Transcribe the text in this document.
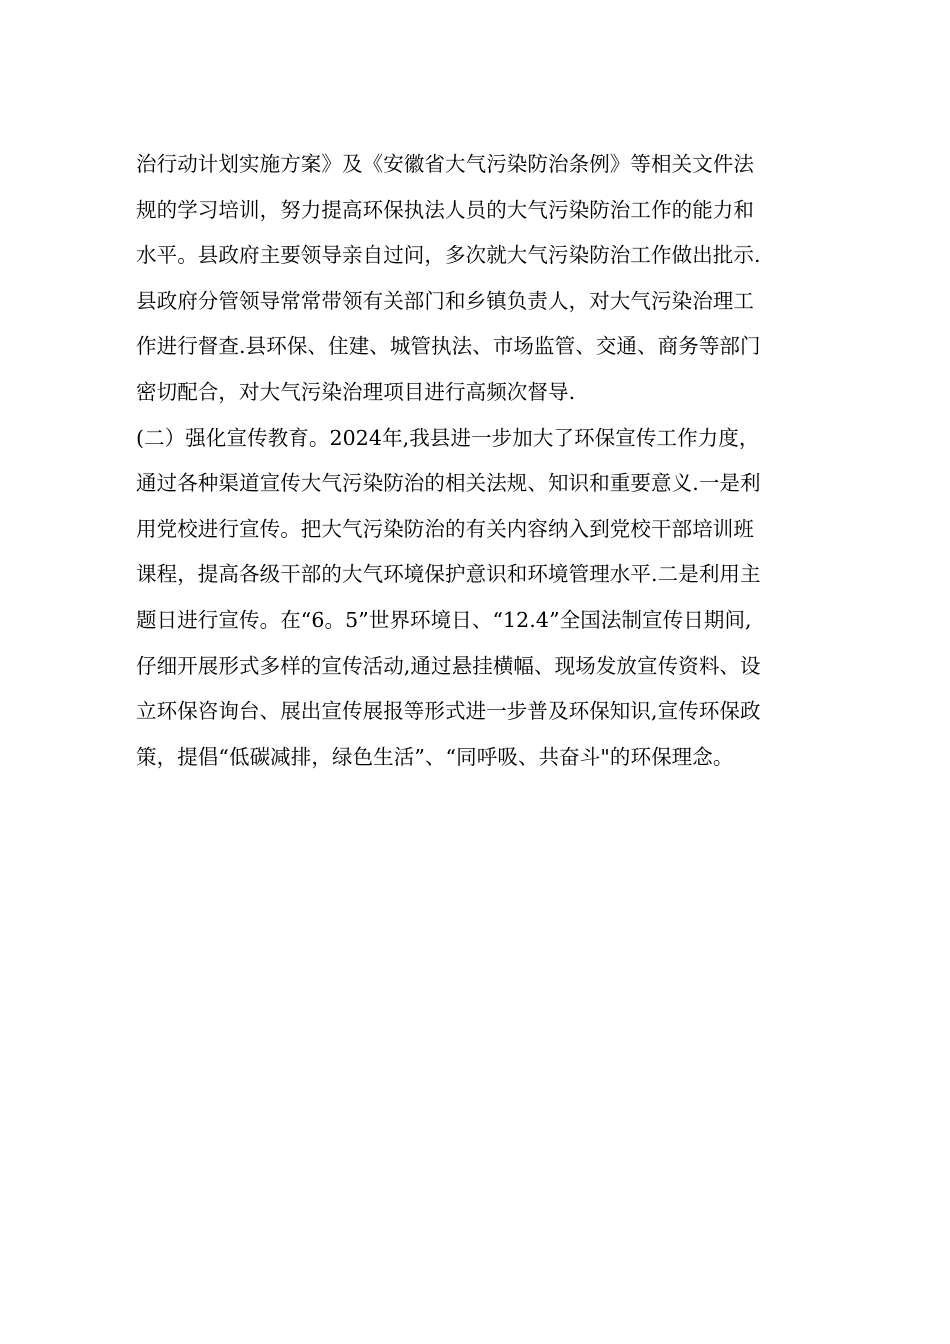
治行动计划实施方案》及《安徽省大气污染防治条例》等相关文件法
规的学习培训，努力提高环保执法人员的大气污染防治工作的能力和
水平。县政府主要领导亲自过问，多次就大气污染防治工作做出批示.
县政府分管领导常常带领有关部门和乡镇负责人，对大气污染治理工
作进行督查.县环保、住建、城管执法、市场监管、交通、商务等部门
密切配合，对大气污染治理项目进行高频次督导.
(二）强化宣传教育。2024年,我县进一步加大了环保宣传工作力度，
通过各种渠道宣传大气污染防治的相关法规、知识和重要意义.一是利
用党校进行宣传。把大气污染防治的有关内容纳入到党校干部培训班
课程，提高各级干部的大气环境保护意识和环境管理水平.二是利用主
题日进行宣传。在“6。5”世界环境日、“12.4”全国法制宣传日期间,
仔细开展形式多样的宣传活动,通过悬挂横幅、现场发放宣传资料、设
立环保咨询台、展出宣传展报等形式进一步普及环保知识,宣传环保政
策，提倡“低碳减排，绿色生活”、“同呼吸、共奋斗"的环保理念。
